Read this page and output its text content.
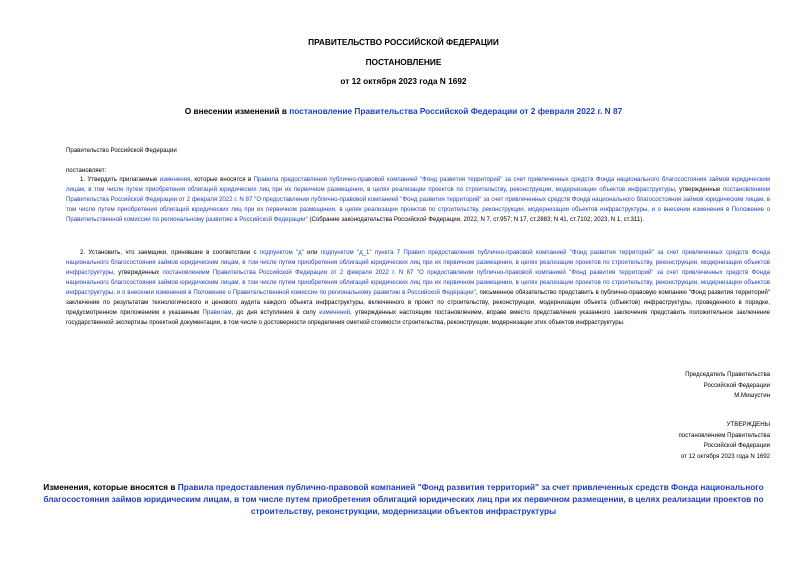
ПРАВИТЕЛЬСТВО РОССИЙСКОЙ ФЕДЕРАЦИИ
ПОСТАНОВЛЕНИЕ
от 12 октября 2023 года N 1692
О внесении изменений в постановление Правительства Российской Федерации от 2 февраля 2022 г. N 87
Правительство Российской Федерации
постановляет:
1. Утвердить прилагаемые изменения, которые вносятся в Правила предоставления публично-правовой компанией "Фонд развития территорий" за счет привлеченных средств Фонда национального благосостояния займов юридическим лицам, в том числе путем приобретения облигаций юридических лиц при их первичном размещении, в целях реализации проектов по строительству, реконструкции, модернизации объектов инфраструктуры, утвержденные постановлением Правительства Российской Федерации от 2 февраля 2022 г. N 87 "О предоставлении публично-правовой компанией "Фонд развития территорий" за счет привлеченных средств Фонда национального благосостояния займов юридическим лицам, в том числе путем приобретения облигаций юридических лиц при их первичном размещении, в целях реализации проектов по строительству, реконструкции, модернизации объектов инфраструктуры, и о внесении изменения в Положение о Правительственной комиссии по региональному развитию в Российской Федерации" (Собрание законодательства Российской Федерации, 2022, N 7, ст.957; N 17, ст.2883; N 41, ст.7102; 2023, N 1, ст.311).
2. Установить, что заемщики, принявшие в соответствии с подпунктом "д" или подпунктом "д_1" пункта 7 Правил предоставления публично-правовой компанией "Фонд развития территорий" за счет привлеченных средств Фонда национального благосостояния займов юридическим лицам, в том числе путем приобретения облигаций юридических лиц при их первичном размещении, в целях реализации проектов по строительству, реконструкции, модернизации объектов инфраструктуры, утвержденных постановлением Правительства Российской Федерации от 2 февраля 2022 г. N 87 "О предоставлении публично-правовой компанией "Фонд развития территорий" за счет привлеченных средств Фонда национального благосостояния займов юридическим лицам, в том числе путем приобретения облигаций юридических лиц при их первичном размещении, в целях реализации проектов по строительству, реконструкции, модернизации объектов инфраструктуры, и о внесении изменения в Положение о Правительственной комиссии по региональному развитию в Российской Федерации", письменное обязательство представить в публично-правовую компанию "Фонд развития территорий" заключение по результатам технологического и ценового аудита каждого объекта инфраструктуры, включенного в проект по строительству, реконструкции, модернизации объекта (объектов) инфраструктуры, проведенного в порядке, предусмотренном приложением к указанным Правилам, до дня вступления в силу изменений, утвержденных настоящим постановлением, вправе вместо представления указанного заключения представить положительное заключение государственной экспертизы проектной документации, в том числе о достоверности определения сметной стоимости строительства, реконструкции, модернизации этих объектов инфраструктуры.
Председатель Правительства
Российской Федерации
М.Мишустин
УТВЕРЖДЕНЫ
постановлением Правительства
Российской Федерации
от 12 октября 2023 года N 1692
Изменения, которые вносятся в Правила предоставления публично-правовой компанией "Фонд развития территорий" за счет привлеченных средств Фонда национального благосостояния займов юридическим лицам, в том числе путем приобретения облигаций юридических лиц при их первичном размещении, в целях реализации проектов по строительству, реконструкции, модернизации объектов инфраструктуры
